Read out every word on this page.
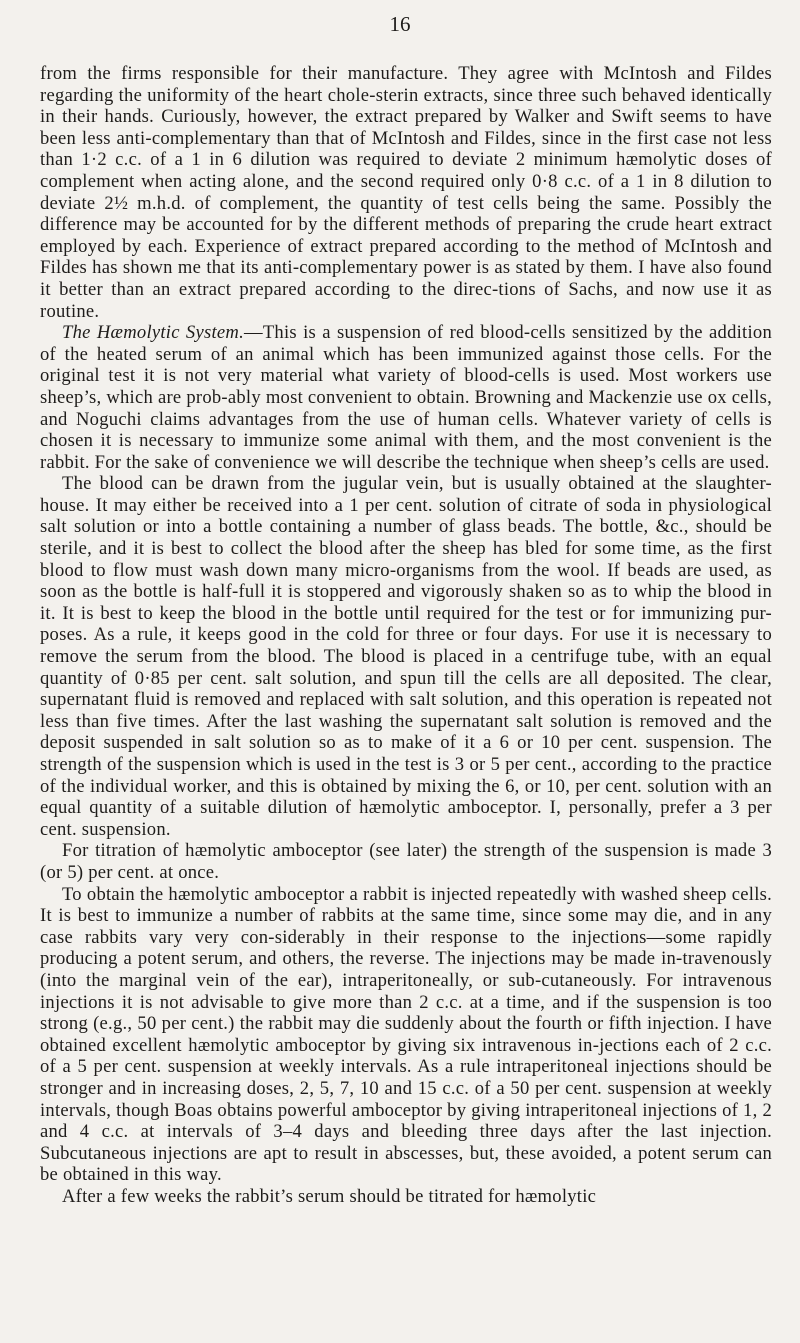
16

from the firms responsible for their manufacture. They agree with McIntosh and Fildes regarding the uniformity of the heart chole-sterin extracts, since three such behaved identically in their hands. Curiously, however, the extract prepared by Walker and Swift seems to have been less anti-complementary than that of McIntosh and Fildes, since in the first case not less than 1·2 c.c. of a 1 in 6 dilution was required to deviate 2 minimum hæmolytic doses of complement when acting alone, and the second required only 0·8 c.c. of a 1 in 8 dilution to deviate 2½ m.h.d. of complement, the quantity of test cells being the same. Possibly the difference may be accounted for by the different methods of preparing the crude heart extract employed by each. Experience of extract prepared according to the method of McIntosh and Fildes has shown me that its anti-complementary power is as stated by them. I have also found it better than an extract prepared according to the direc-tions of Sachs, and now use it as routine.

The Hæmolytic System.—This is a suspension of red blood-cells sensitized by the addition of the heated serum of an animal which has been immunized against those cells. For the original test it is not very material what variety of blood-cells is used. Most workers use sheep’s, which are prob-ably most convenient to obtain. Browning and Mackenzie use ox cells, and Noguchi claims advantages from the use of human cells. Whatever variety of cells is chosen it is necessary to immunize some animal with them, and the most convenient is the rabbit. For the sake of convenience we will describe the technique when sheep’s cells are used.

The blood can be drawn from the jugular vein, but is usually obtained at the slaughter-house. It may either be received into a 1 per cent. solution of citrate of soda in physiological salt solution or into a bottle containing a number of glass beads. The bottle, &c., should be sterile, and it is best to collect the blood after the sheep has bled for some time, as the first blood to flow must wash down many micro-organisms from the wool. If beads are used, as soon as the bottle is half-full it is stoppered and vigorously shaken so as to whip the blood in it. It is best to keep the blood in the bottle until required for the test or for immunizing pur-poses. As a rule, it keeps good in the cold for three or four days. For use it is necessary to remove the serum from the blood. The blood is placed in a centrifuge tube, with an equal quantity of 0·85 per cent. salt solution, and spun till the cells are all deposited. The clear, supernatant fluid is removed and replaced with salt solution, and this operation is repeated not less than five times. After the last washing the supernatant salt solution is removed and the deposit suspended in salt solution so as to make of it a 6 or 10 per cent. suspension. The strength of the suspension which is used in the test is 3 or 5 per cent., according to the practice of the individual worker, and this is obtained by mixing the 6, or 10, per cent. solution with an equal quantity of a suitable dilution of hæmolytic amboceptor. I, personally, prefer a 3 per cent. suspension.

For titration of hæmolytic amboceptor (see later) the strength of the suspension is made 3 (or 5) per cent. at once.

To obtain the hæmolytic amboceptor a rabbit is injected repeatedly with washed sheep cells. It is best to immunize a number of rabbits at the same time, since some may die, and in any case rabbits vary very con-siderably in their response to the injections—some rapidly producing a potent serum, and others, the reverse. The injections may be made in-travenously (into the marginal vein of the ear), intraperitoneally, or sub-cutaneously. For intravenous injections it is not advisable to give more than 2 c.c. at a time, and if the suspension is too strong (e.g., 50 per cent.) the rabbit may die suddenly about the fourth or fifth injection. I have obtained excellent hæmolytic amboceptor by giving six intravenous in-jections each of 2 c.c. of a 5 per cent. suspension at weekly intervals. As a rule intraperitoneal injections should be stronger and in increasing doses, 2, 5, 7, 10 and 15 c.c. of a 50 per cent. suspension at weekly intervals, though Boas obtains powerful amboceptor by giving intraperitoneal injections of 1, 2 and 4 c.c. at intervals of 3–4 days and bleeding three days after the last injection. Subcutaneous injections are apt to result in abscesses, but, these avoided, a potent serum can be obtained in this way.

After a few weeks the rabbit’s serum should be titrated for hæmolytic
